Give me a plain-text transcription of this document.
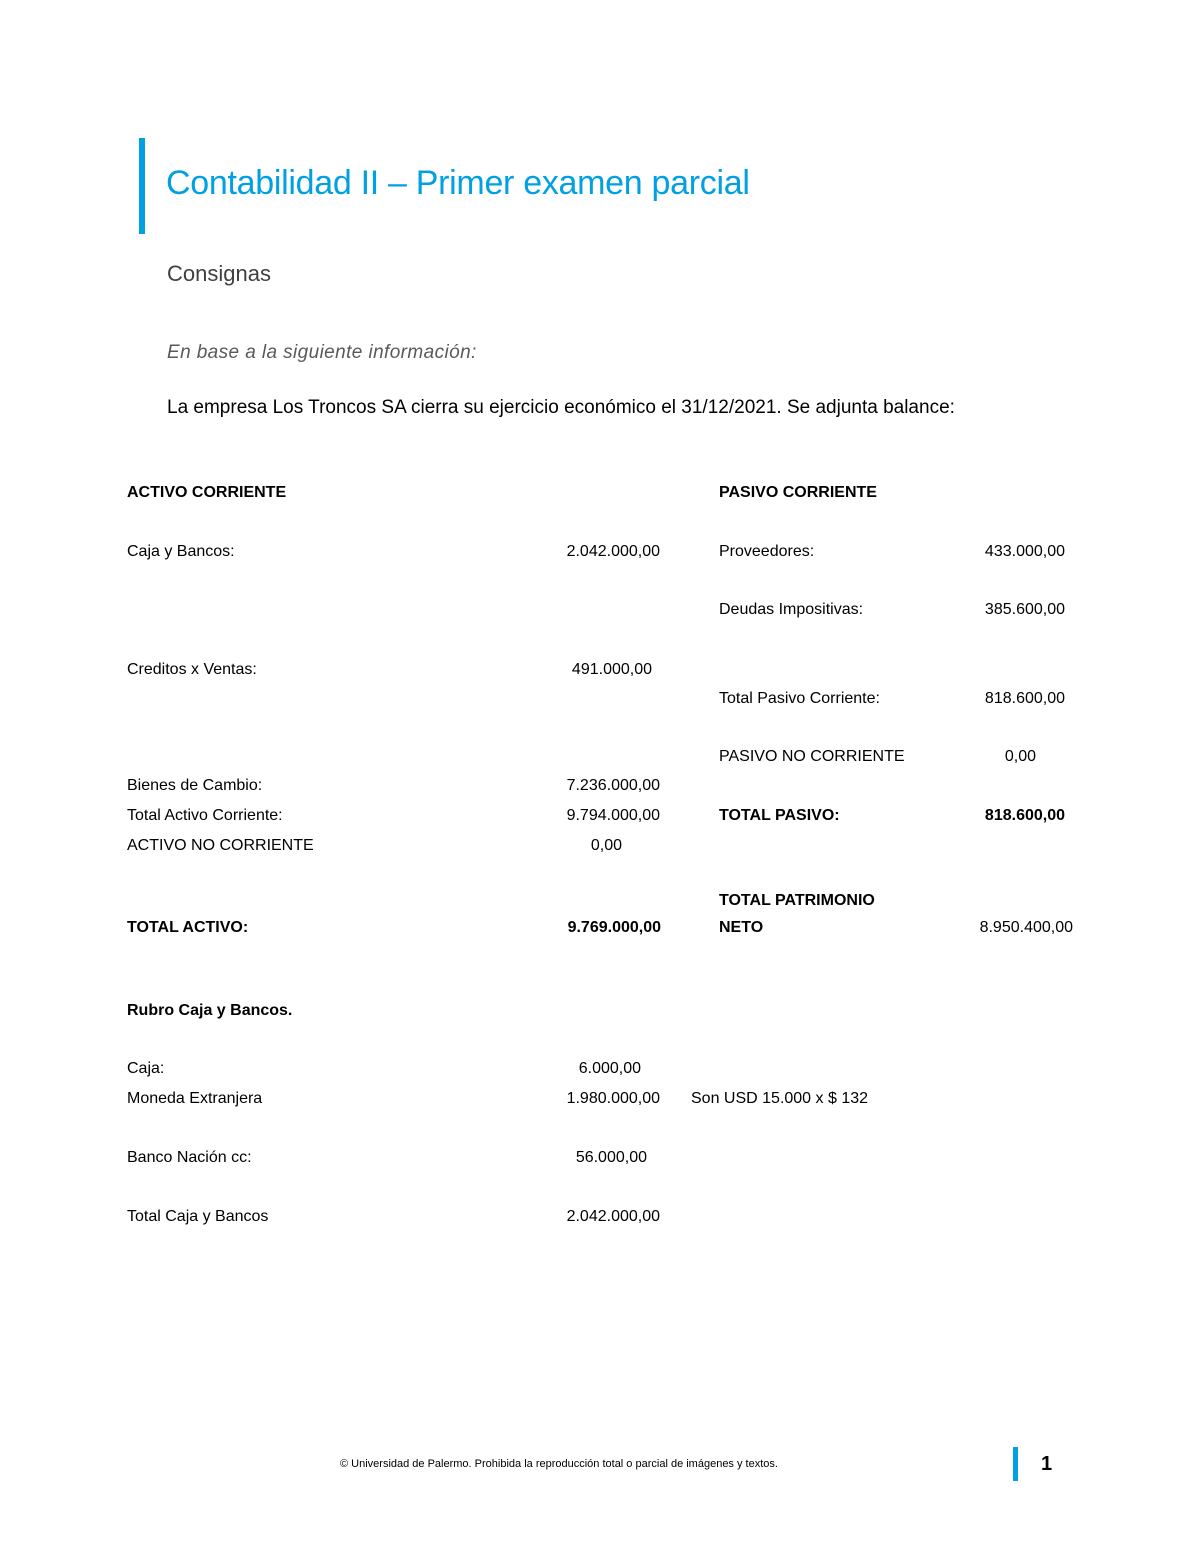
Contabilidad II – Primer examen parcial
Consignas
En base a la siguiente información:
La empresa Los Troncos SA cierra su ejercicio económico el 31/12/2021. Se adjunta balance:
ACTIVO CORRIENTE
Caja y Bancos:	2.042.000,00
Creditos x Ventas:	491.000,00
Bienes de Cambio:	7.236.000,00
Total Activo Corriente:	9.794.000,00
ACTIVO NO CORRIENTE	0,00
TOTAL ACTIVO:	9.769.000,00
PASIVO CORRIENTE
Proveedores:	433.000,00
Deudas Impositivas:	385.600,00
Total Pasivo Corriente:	818.600,00
PASIVO NO CORRIENTE	0,00
TOTAL PASIVO:	818.600,00
TOTAL PATRIMONIO
NETO	8.950.400,00
Rubro Caja y Bancos.
Caja:	6.000,00
Moneda Extranjera	1.980.000,00 Son USD 15.000 x $ 132
Banco Nación cc:	56.000,00
Total Caja y Bancos	2.042.000,00
© Universidad de Palermo. Prohibida la reproducción total o parcial de imágenes y textos.	1
